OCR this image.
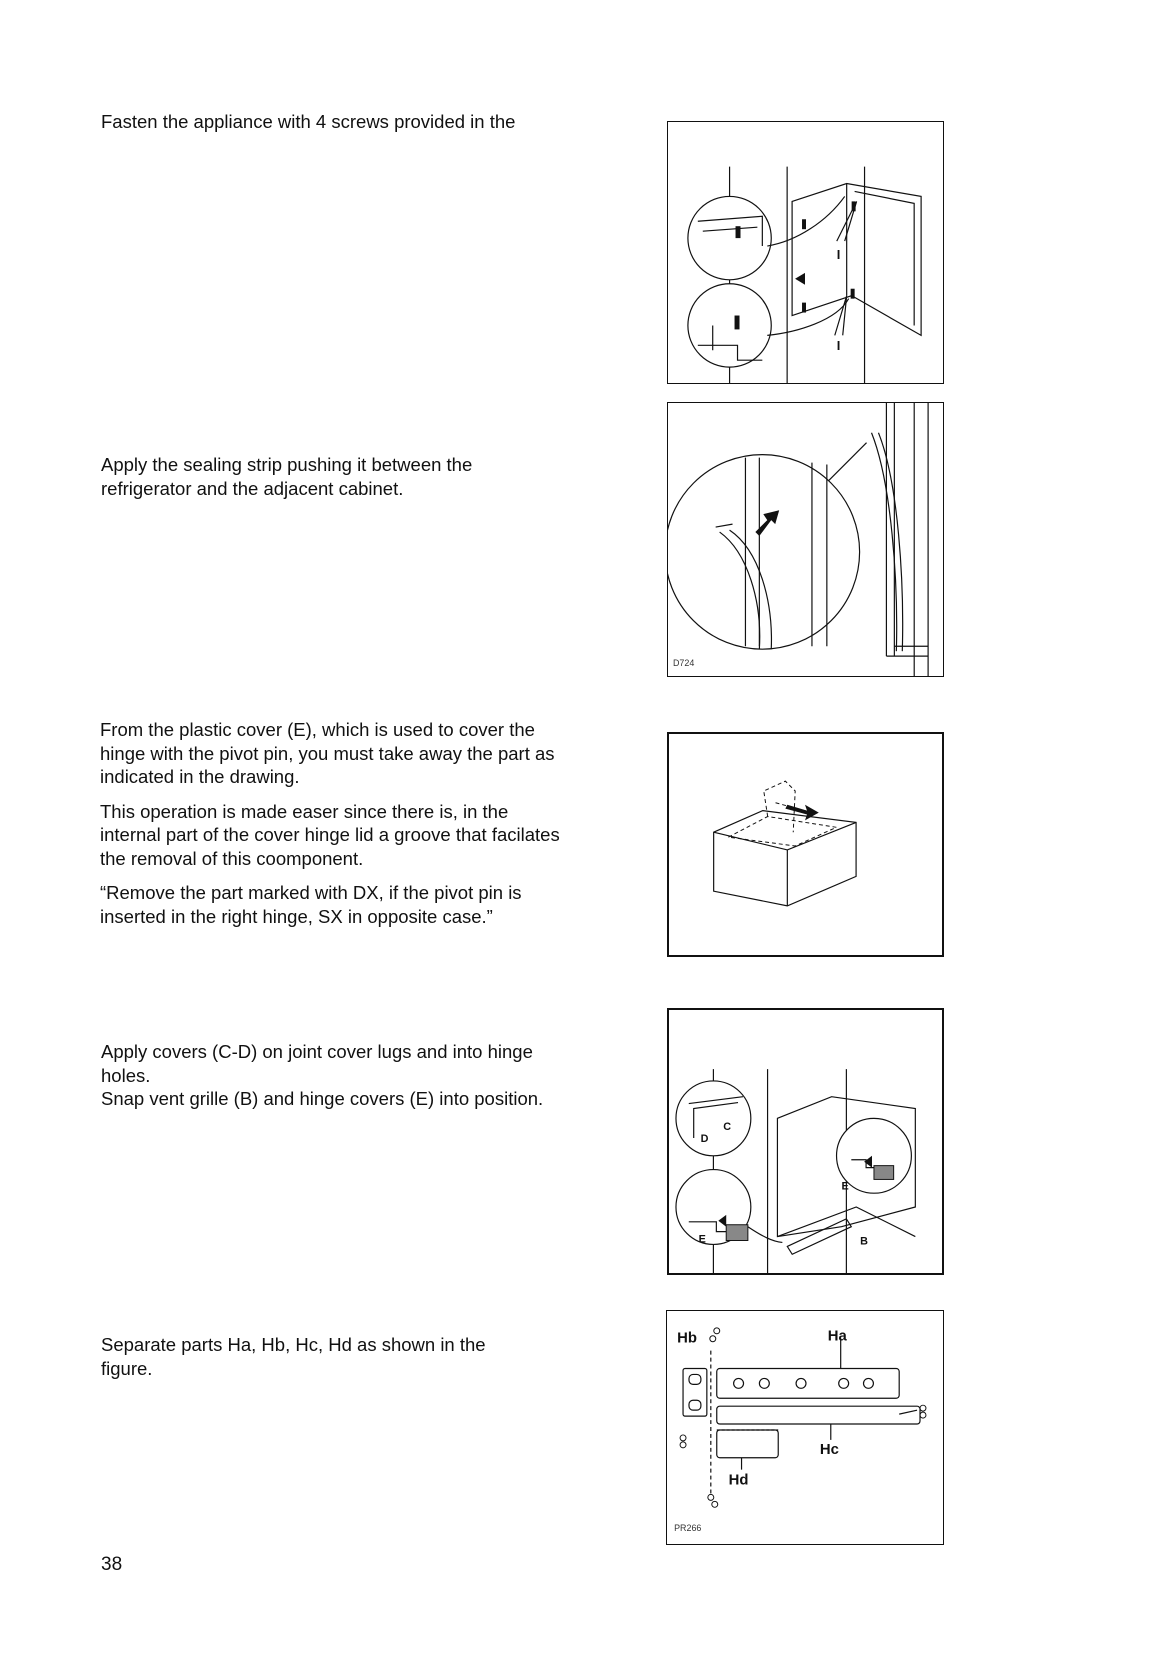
Fasten the appliance with 4 screws provided in the

I
I

Apply the sealing strip pushing it between the refrigerator and the adjacent cabinet.

D724

From the plastic cover (E), which is used to cover the hinge with the pivot pin, you must take away the part as indicated in the drawing.

This operation is made easer since there is, in the internal part of the cover hinge lid a groove that facilates the removal of this coomponent.

“Remove the part marked with DX, if the pivot pin is inserted in the right hinge, SX in opposite case.”

Apply covers (C-D) on joint cover lugs and into hinge holes.
Snap vent grille (B) and hinge covers (E) into position.
D
C
E
E
B

Separate parts Ha, Hb, Hc, Hd as shown in the figure.

Hb	Ha
Hc
Hd
PR266
38
